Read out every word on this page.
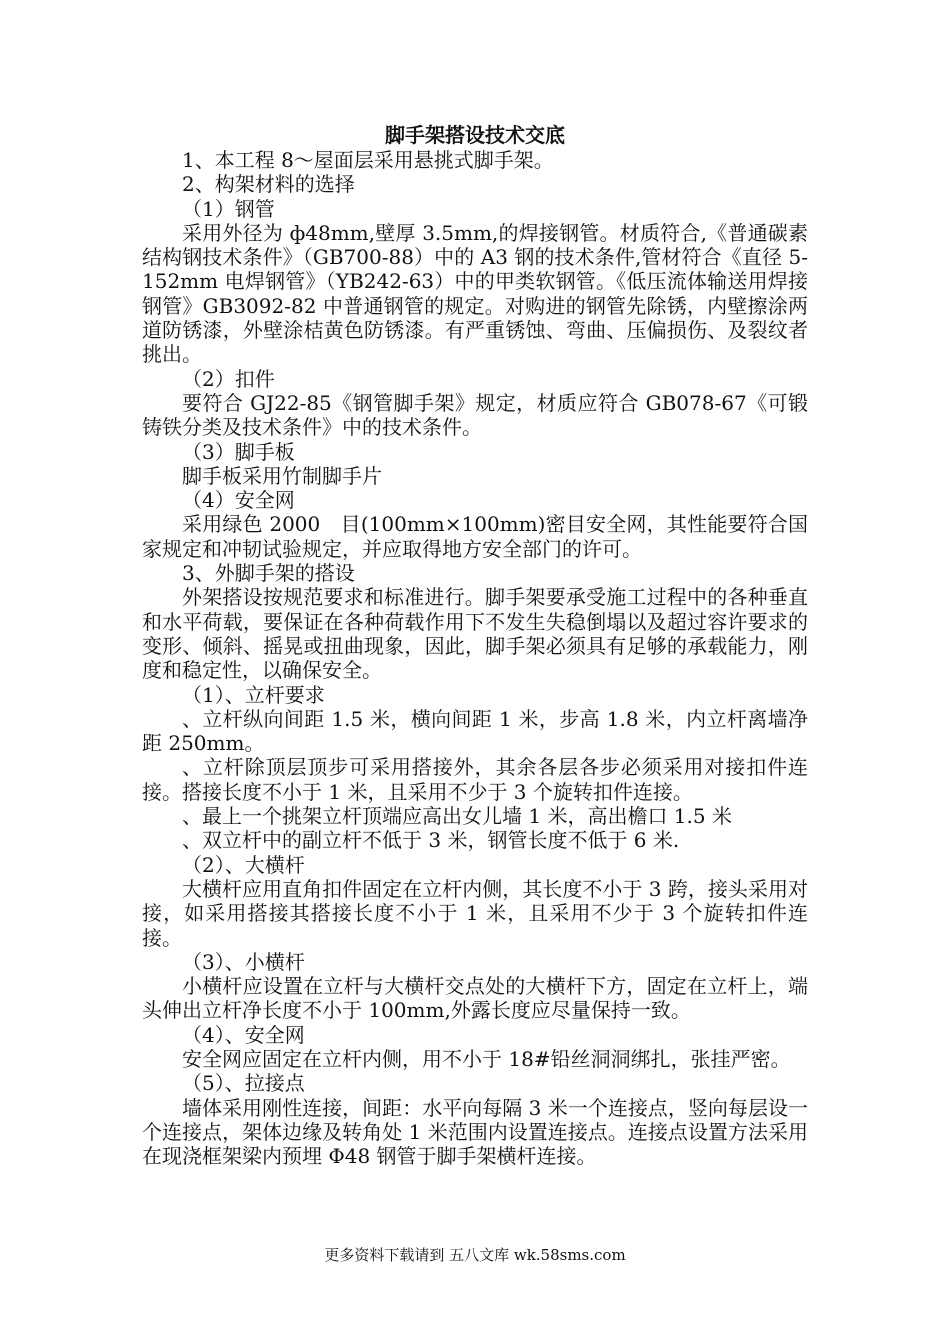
脚手架搭设技术交底

1、本工程 8～屋面层采用悬挑式脚手架。

2、构架材料的选择

（1）钢管

采用外径为 ф48mm,壁厚 3.5mm,的焊接钢管。材质符合,《普通碳素结构钢技术条件》（GB700-88）中的 A3 钢的技术条件,管材符合《直径 5-152mm 电焊钢管》（YB242-63）中的甲类软钢管。《低压流体输送用焊接钢管》GB3092-82 中普通钢管的规定。对购进的钢管先除锈，内壁擦涂两道防锈漆，外壁涂桔黄色防锈漆。有严重锈蚀、弯曲、压偏损伤、及裂纹者挑出。

（2）扣件

要符合 GJ22-85《钢管脚手架》规定，材质应符合 GB078-67《可锻铸铁分类及技术条件》中的技术条件。

（3）脚手板

脚手板采用竹制脚手片

（4）安全网

采用绿色 2000　目(100mm×100mm)密目安全网，其性能要符合国家规定和冲韧试验规定，并应取得地方安全部门的许可。

3、外脚手架的搭设

外架搭设按规范要求和标准进行。脚手架要承受施工过程中的各种垂直和水平荷载，要保证在各种荷载作用下不发生失稳倒塌以及超过容许要求的变形、倾斜、摇晃或扭曲现象，因此，脚手架必须具有足够的承载能力，刚度和稳定性，以确保安全。

（1）、立杆要求

、立杆纵向间距 1.5 米，横向间距 1 米，步高 1.8 米，内立杆离墙净距 250mm。

、立杆除顶层顶步可采用搭接外，其余各层各步必须采用对接扣件连接。搭接长度不小于 1 米，且采用不少于 3 个旋转扣件连接。

、最上一个挑架立杆顶端应高出女儿墙 1 米，高出檐口 1.5 米

、双立杆中的副立杆不低于 3 米，钢管长度不低于 6 米.

（2）、大横杆

大横杆应用直角扣件固定在立杆内侧，其长度不小于 3 跨，接头采用对接，如采用搭接其搭接长度不小于 1 米，且采用不少于 3 个旋转扣件连接。

（3）、小横杆

小横杆应设置在立杆与大横杆交点处的大横杆下方，固定在立杆上，端头伸出立杆净长度不小于 100mm,外露长度应尽量保持一致。

（4）、安全网

安全网应固定在立杆内侧，用不小于 18#铅丝洞洞绑扎，张挂严密。

（5）、拉接点

墙体采用刚性连接，间距：水平向每隔 3 米一个连接点，竖向每层设一个连接点，架体边缘及转角处 1 米范围内设置连接点。连接点设置方法采用在现浇框架梁内预埋 Φ48 钢管于脚手架横杆连接。

更多资料下载请到 五八文库 wk.58sms.com
